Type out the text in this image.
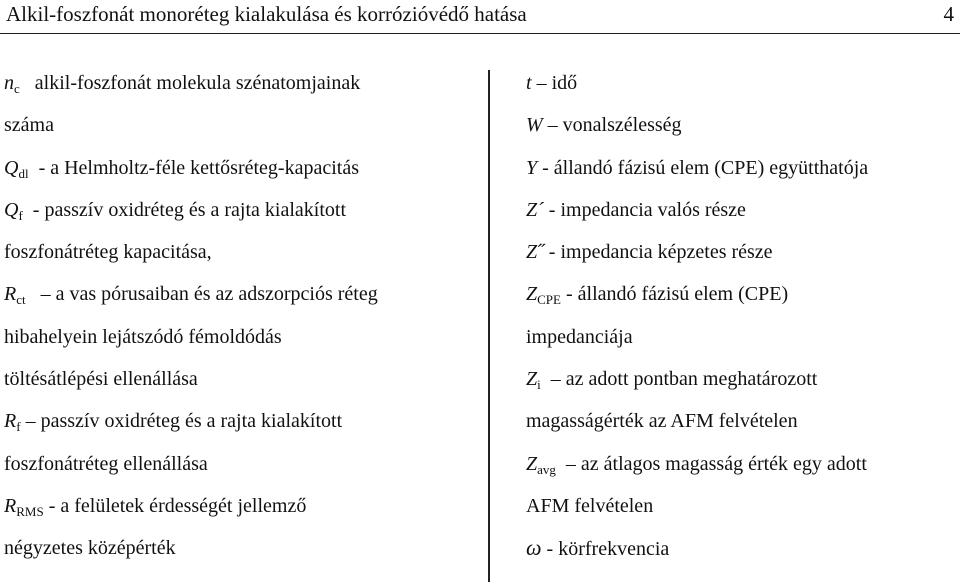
Alkil-foszfonát monoréteg kialakulása és korrózióvédő hatása	4
$n_c$ alkil-foszfonát molekula szénatomjainak
száma
$Q_{dl}$ - a Helmholtz-féle kettősréteg-kapacitás
$Q_f$ - passzív oxidréteg és a rajta kialakított
foszfonátréteg kapacitása,
$R_{ct}$ – a vas pórusaiban és az adszorpciós réteg
hibahelyein lejátszódó fémoldódás
töltésátlépési ellenállása
$R_f$ – passzív oxidréteg és a rajta kialakított
foszfonátréteg ellenállása
$R_{RMS}$ - a felületek érdességét jellemző
négyzetes középérték
t – idő
W – vonalszélesség
Y - állandó fázisú elem (CPE) együtthatója
Z´ - impedancia valós része
Z˝ - impedancia képzetes része
$Z_{CPE}$ - állandó fázisú elem (CPE)
impedanciája
$Z_i$ – az adott pontban meghatározott
magasságérték az AFM felvételen
$Z_{avg}$ – az átlagos magasság érték egy adott
AFM felvételen
ω - körfrekvencia
